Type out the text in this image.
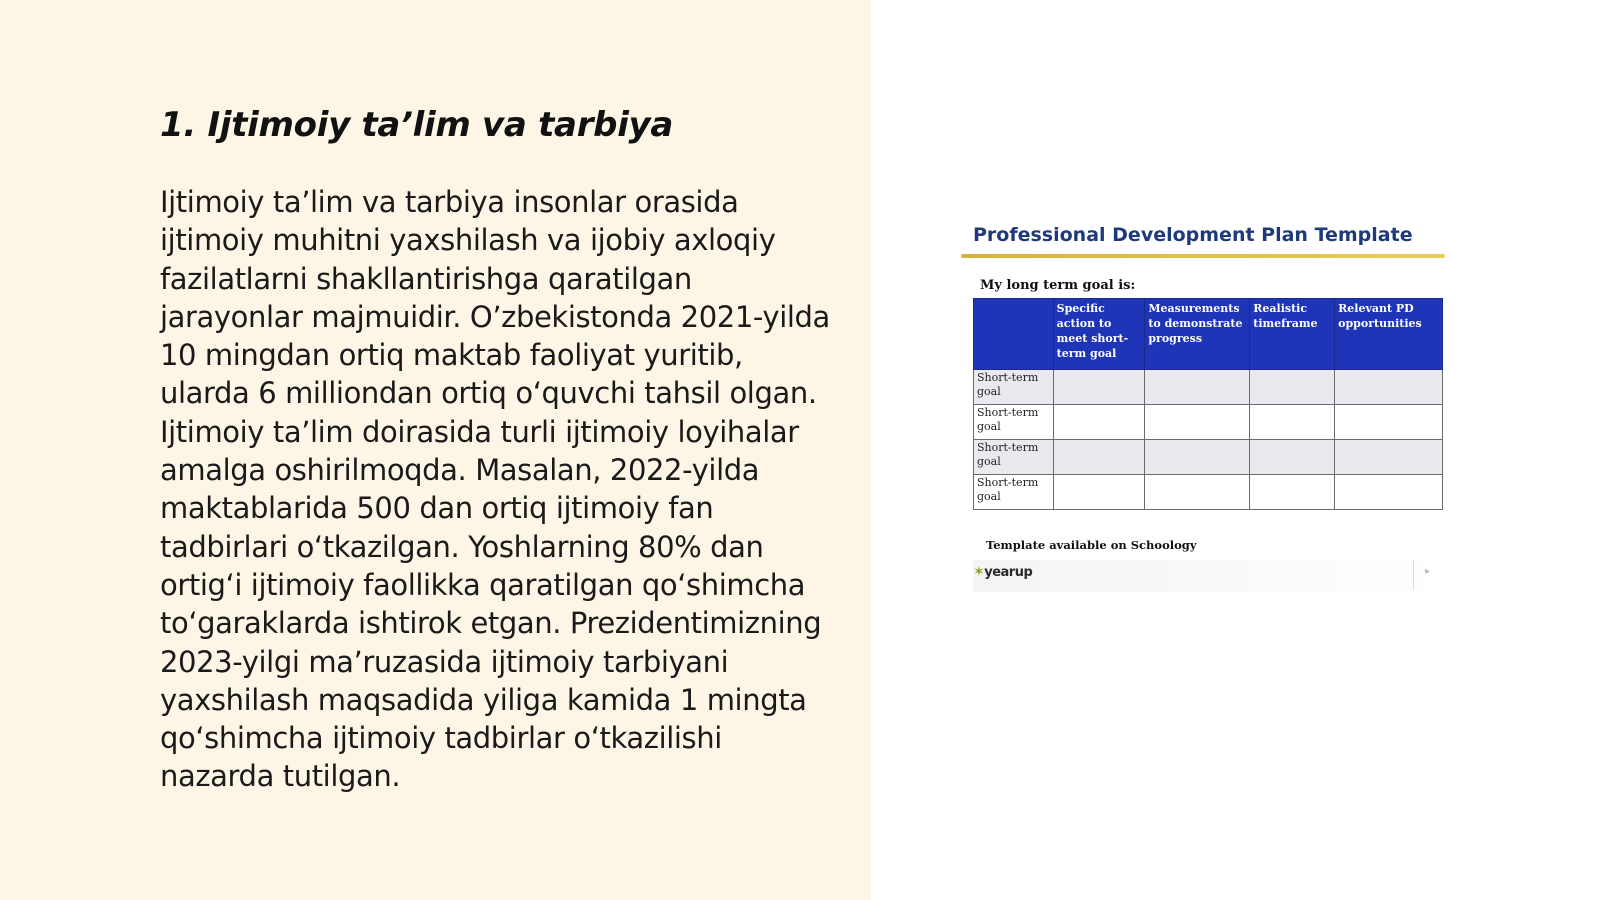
1. Ijtimoiy ta’lim va tarbiya

Ijtimoiy ta’lim va tarbiya insonlar orasida ijtimoiy muhitni yaxshilash va ijobiy axloqiy fazilatlarni shakllantirishga qaratilgan jarayonlar majmuidir. O’zbekistonda 2021-yilda 10 mingdan ortiq maktab faoliyat yuritib, ularda 6 milliondan ortiq o‘quvchi tahsil olgan. Ijtimoiy ta’lim doirasida turli ijtimoiy loyihalar amalga oshirilmoqda. Masalan, 2022-yilda maktablarida 500 dan ortiq ijtimoiy fan tadbirlari o‘tkazilgan. Yoshlarning 80% dan ortig‘i ijtimoiy faollikka qaratilgan qo‘shimcha to‘garaklarda ishtirok etgan. Prezidentimizning 2023-yilgi ma’ruzasida ijtimoiy tarbiyani yaxshilash maqsadida yiliga kamida 1 mingta qo‘shimcha ijtimoiy tadbirlar o‘tkazilishi nazarda tutilgan.

Professional Development Plan Template
My long term goal is:
	Specific action to meet short-term goal	Measurements to demonstrate progress	Realistic timeframe	Relevant PD opportunities
Short-term goal				
Short-term goal				
Short-term goal				
Short-term goal				
Template available on Schoology
✶yearup	▸
